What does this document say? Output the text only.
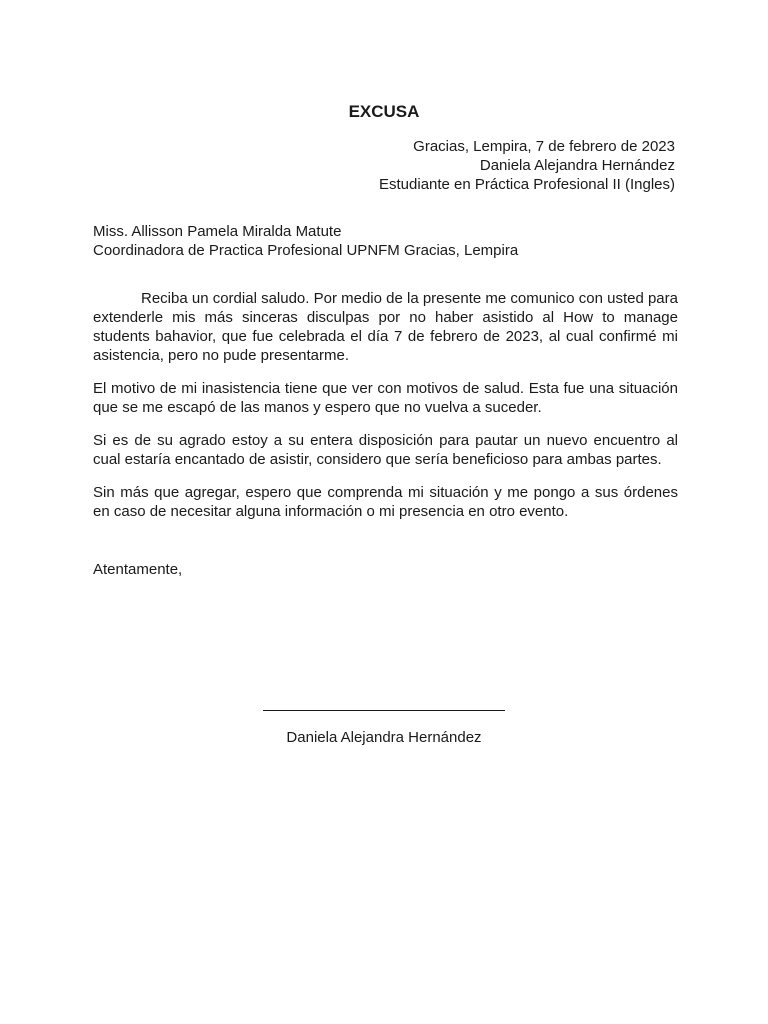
EXCUSA
Gracias, Lempira, 7 de febrero de 2023
Daniela Alejandra Hernández
Estudiante en Práctica Profesional II (Ingles)
Miss. Allisson Pamela Miralda Matute
Coordinadora de Practica Profesional UPNFM Gracias, Lempira

Reciba un cordial saludo. Por medio de la presente me comunico con usted para extenderle mis más sinceras disculpas por no haber asistido al How to manage students bahavior, que fue celebrada el día 7 de febrero de 2023, al cual confirmé mi asistencia, pero no pude presentarme.

El motivo de mi inasistencia tiene que ver con motivos de salud. Esta fue una situación que se me escapó de las manos y espero que no vuelva a suceder.

Si es de su agrado estoy a su entera disposición para pautar un nuevo encuentro al cual estaría encantado de asistir, considero que sería beneficioso para ambas partes.

Sin más que agregar, espero que comprenda mi situación y me pongo a sus órdenes en caso de necesitar alguna información o mi presencia en otro evento.

Atentamente,
Daniela Alejandra Hernández
